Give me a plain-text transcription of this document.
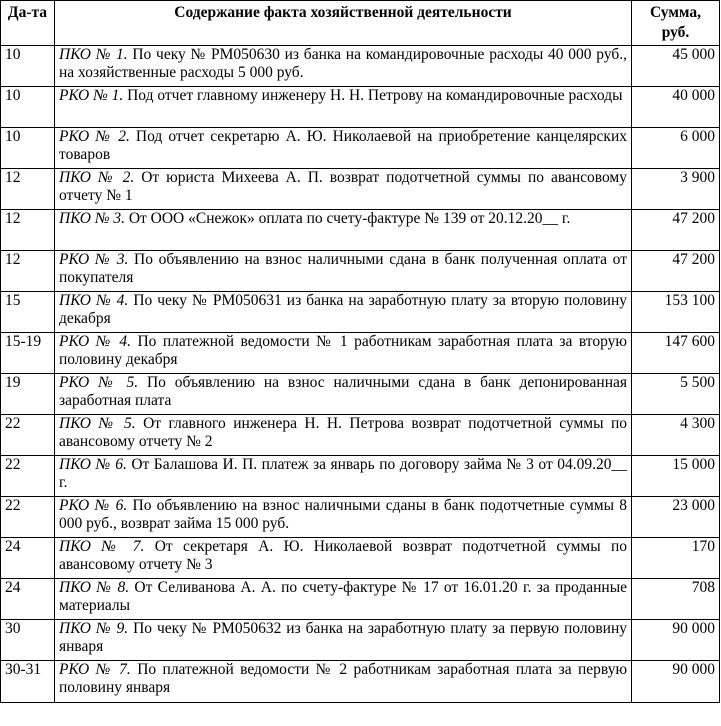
Да-та	Содержание факта хозяйственной деятельности	Сумма, руб.
10	ПКО № 1. По чеку № РМ050630 из банка на командировочные расходы 40 000 руб., на хозяйственные расходы 5 000 руб.	45 000
10	РКО № 1. Под отчет главному инженеру Н. Н. Петрову на командировочные расходы	40 000
10	РКО № 2. Под отчет секретарю А. Ю. Николаевой на приобретение канцелярских товаров	6 000
12	ПКО № 2. От юриста Михеева А. П. возврат подотчетной суммы по авансовому отчету № 1	3 900
12	ПКО № 3. От ООО «Снежок» оплата по счету-фактуре № 139 от 20.12.20__ г.	47 200
12	РКО № 3. По объявлению на взнос наличными сдана в банк полученная оплата от покупателя	47 200
15	ПКО № 4. По чеку № РМ050631 из банка на заработную плату за вторую половину декабря	153 100
15-19	РКО № 4. По платежной ведомости № 1 работникам заработная плата за вторую половину декабря	147 600
19	РКО № 5. По объявлению на взнос наличными сдана в банк депонированная заработная плата	5 500
22	ПКО № 5. От главного инженера Н. Н. Петрова возврат подотчетной суммы по авансовому отчету № 2	4 300
22	ПКО № 6. От Балашова И. П. платеж за январь по договору займа № 3 от 04.09.20__ г.	15 000
22	РКО № 6. По объявлению на взнос наличными сданы в банк подотчетные суммы 8 000 руб., возврат займа 15 000 руб.	23 000
24	ПКО № 7. От секретаря А. Ю. Николаевой возврат подотчетной суммы по авансовому отчету № 3	170
24	ПКО № 8. От Селиванова А. А. по счету-фактуре № 17 от 16.01.20 г. за проданные материалы	708
30	ПКО № 9. По чеку № РМ050632 из банка на заработную плату за первую половину января	90 000
30-31	РКО № 7. По платежной ведомости № 2 работникам заработная плата за первую половину января	90 000
